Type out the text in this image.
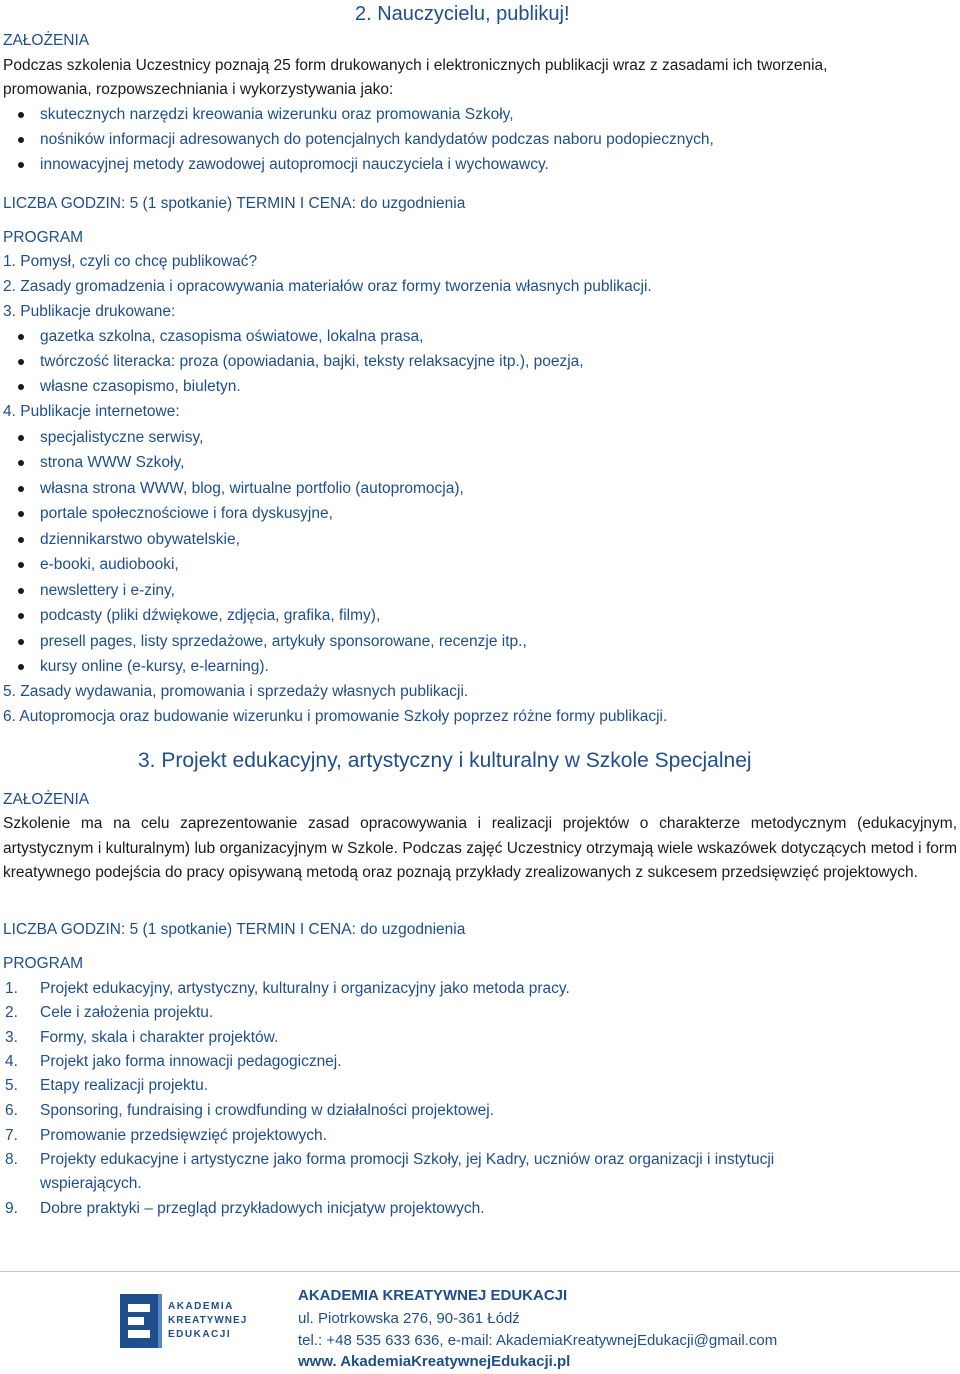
2. Nauczycielu, publikuj!
ZAŁOŻENIA
Podczas szkolenia Uczestnicy poznają 25 form drukowanych i elektronicznych publikacji wraz z zasadami ich tworzenia,
promowania, rozpowszechniania i wykorzystywania jako:
skutecznych narzędzi kreowania wizerunku oraz promowania Szkoły,
nośników informacji adresowanych do potencjalnych kandydatów podczas naboru podopiecznych,
innowacyjnej metody zawodowej autopromocji nauczyciela i wychowawcy.
LICZBA GODZIN: 5 (1 spotkanie) TERMIN I CENA: do uzgodnienia
PROGRAM
1. Pomysł, czyli co chcę publikować?
2. Zasady gromadzenia i opracowywania materiałów oraz formy tworzenia własnych publikacji.
3. Publikacje drukowane:
gazetka szkolna, czasopisma oświatowe, lokalna prasa,
twórczość literacka: proza (opowiadania, bajki, teksty relaksacyjne itp.), poezja,
własne czasopismo, biuletyn.
4. Publikacje internetowe:
specjalistyczne serwisy,
strona WWW Szkoły,
własna strona WWW, blog, wirtualne portfolio (autopromocja),
portale społecznościowe i fora dyskusyjne,
dziennikarstwo obywatelskie,
e-booki, audiobooki,
newslettery i e-ziny,
podcasty (pliki dźwiękowe, zdjęcia, grafika, filmy),
presell pages, listy sprzedażowe, artykuły sponsorowane, recenzje itp.,
kursy online (e-kursy, e-learning).
5. Zasady wydawania, promowania i sprzedaży własnych publikacji.
6. Autopromocja oraz budowanie wizerunku i promowanie Szkoły poprzez różne formy publikacji.
3. Projekt edukacyjny, artystyczny i kulturalny w Szkole Specjalnej
ZAŁOŻENIA
Szkolenie ma na celu zaprezentowanie zasad opracowywania i realizacji projektów o charakterze metodycznym (edukacyjnym, artystycznym i kulturalnym) lub organizacyjnym w Szkole. Podczas zajęć Uczestnicy otrzymają wiele wskazówek dotyczących metod i form kreatywnego podejścia do pracy opisywaną metodą oraz poznają przykłady zrealizowanych z sukcesem przedsięwzięć projektowych.
LICZBA GODZIN: 5 (1 spotkanie) TERMIN I CENA: do uzgodnienia
PROGRAM
1.	Projekt edukacyjny, artystyczny, kulturalny i organizacyjny jako metoda pracy.
2.	Cele i założenia projektu.
3.	Formy, skala i charakter projektów.
4.	Projekt jako forma innowacji pedagogicznej.
5.	Etapy realizacji projektu.
6.	Sponsoring, fundraising i crowdfunding w działalności projektowej.
7.	Promowanie przedsięwzięć projektowych.
8.	Projekty edukacyjne i artystyczne jako forma promocji Szkoły, jej Kadry, uczniów oraz organizacji i instytucji
wspierających.
9.	Dobre praktyki – przegląd przykładowych inicjatyw projektowych.
AKADEMIA
KREATYWNEJ
EDUKACJI
AKADEMIA KREATYWNEJ EDUKACJI
ul. Piotrkowska 276, 90-361 Łódź
tel.: +48 535 633 636, e-mail: AkademiaKreatywnejEdukacji@gmail.com
www. AkademiaKreatywnejEdukacji.pl
